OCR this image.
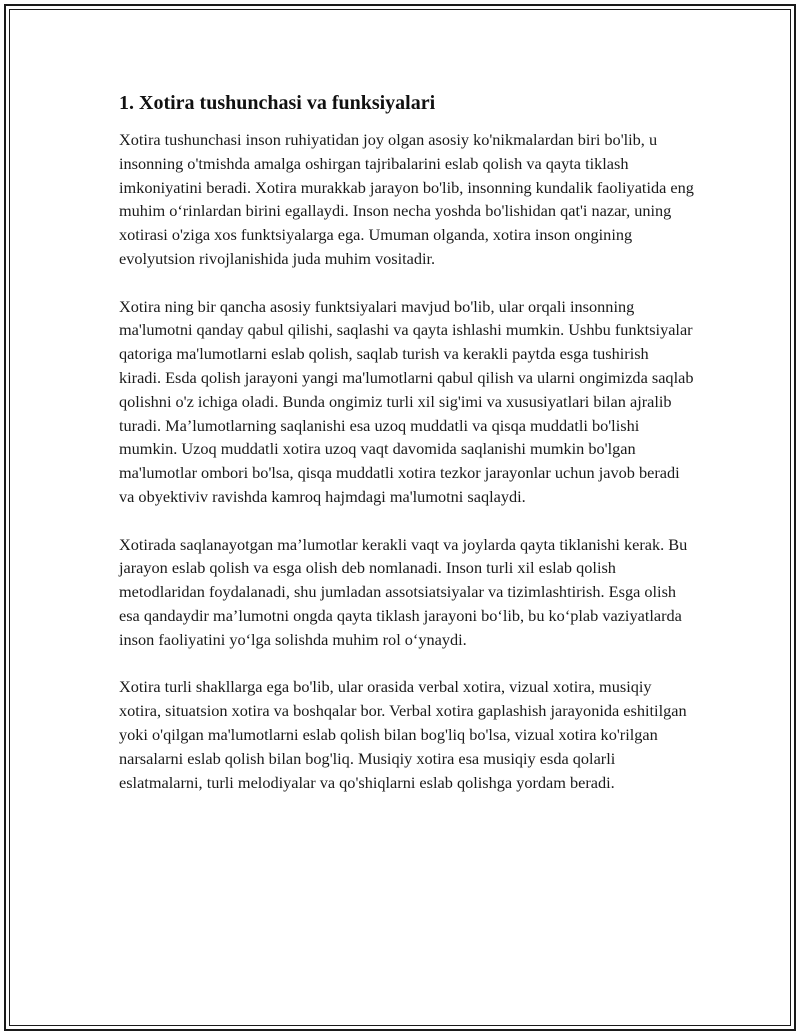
1. Xotira tushunchasi va funksiyalari

Xotira tushunchasi inson ruhiyatidan joy olgan asosiy ko'nikmalardan biri bo'lib, u insonning o'tmishda amalga oshirgan tajribalarini eslab qolish va qayta tiklash imkoniyatini beradi. Xotira murakkab jarayon bo'lib, insonning kundalik faoliyatida eng muhim o‘rinlardan birini egallaydi. Inson necha yoshda bo'lishidan qat'i nazar, uning xotirasi o'ziga xos funktsiyalarga ega. Umuman olganda, xotira inson ongining evolyutsion rivojlanishida juda muhim vositadir.

Xotira ning bir qancha asosiy funktsiyalari mavjud bo'lib, ular orqali insonning ma'lumotni qanday qabul qilishi, saqlashi va qayta ishlashi mumkin. Ushbu funktsiyalar qatoriga ma'lumotlarni eslab qolish, saqlab turish va kerakli paytda esga tushirish kiradi. Esda qolish jarayoni yangi ma'lumotlarni qabul qilish va ularni ongimizda saqlab qolishni o'z ichiga oladi. Bunda ongimiz turli xil sig'imi va xususiyatlari bilan ajralib turadi. Ma’lumotlarning saqlanishi esa uzoq muddatli va qisqa muddatli bo'lishi mumkin. Uzoq muddatli xotira uzoq vaqt davomida saqlanishi mumkin bo'lgan ma'lumotlar ombori bo'lsa, qisqa muddatli xotira tezkor jarayonlar uchun javob beradi va obyektiviv ravishda kamroq hajmdagi ma'lumotni saqlaydi.

Xotirada saqlanayotgan ma’lumotlar kerakli vaqt va joylarda qayta tiklanishi kerak. Bu jarayon eslab qolish va esga olish deb nomlanadi. Inson turli xil eslab qolish metodlaridan foydalanadi, shu jumladan assotsiatsiyalar va tizimlashtirish. Esga olish esa qandaydir ma’lumotni ongda qayta tiklash jarayoni bo‘lib, bu ko‘plab vaziyatlarda inson faoliyatini yo‘lga solishda muhim rol o‘ynaydi.

Xotira turli shakllarga ega bo'lib, ular orasida verbal xotira, vizual xotira, musiqiy xotira, situatsion xotira va boshqalar bor. Verbal xotira gaplashish jarayonida eshitilgan yoki o'qilgan ma'lumotlarni eslab qolish bilan bog'liq bo'lsa, vizual xotira ko'rilgan narsalarni eslab qolish bilan bog'liq. Musiqiy xotira esa musiqiy esda qolarli eslatmalarni, turli melodiyalar va qo'shiqlarni eslab qolishga yordam beradi.
